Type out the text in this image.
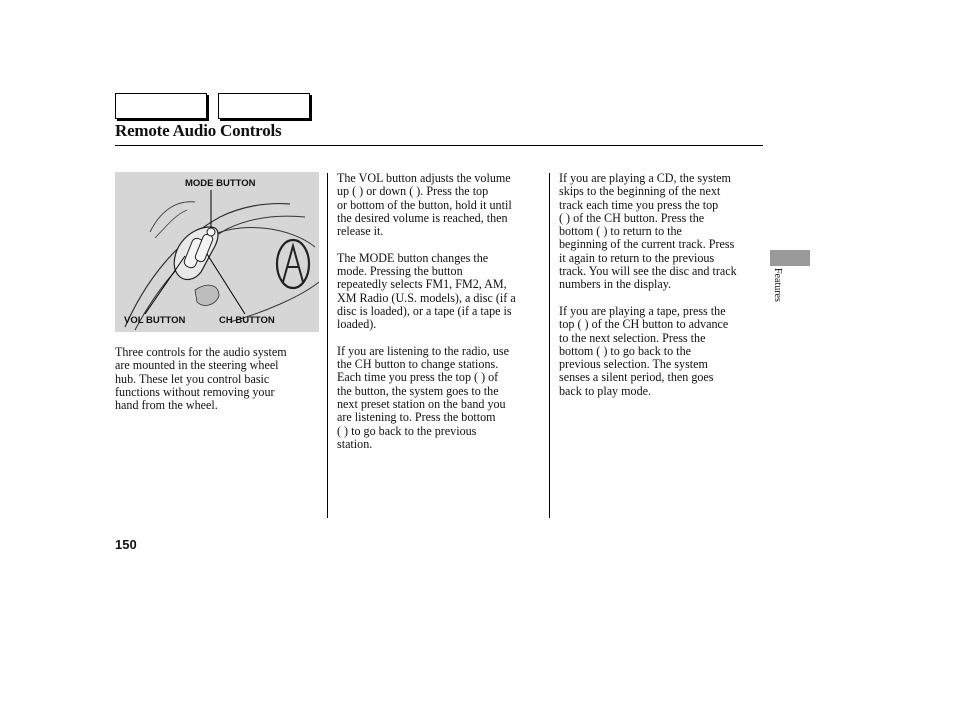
Remote Audio Controls
MODE BUTTON
VOL BUTTON	CH BUTTON

Three controls for the audio system
are mounted in the steering wheel
hub. These let you control basic
functions without removing your
hand from the wheel.

The VOL button adjusts the volume
up ( ) or down ( ). Press the top
or bottom of the button, hold it until
the desired volume is reached, then
release it.

The MODE button changes the
mode. Pressing the button
repeatedly selects FM1, FM2, AM,
XM Radio (U.S. models), a disc (if a
disc is loaded), or a tape (if a tape is
loaded).

If you are listening to the radio, use
the CH button to change stations.
Each time you press the top ( ) of
the button, the system goes to the
next preset station on the band you
are listening to. Press the bottom
( ) to go back to the previous
station.

If you are playing a CD, the system
skips to the beginning of the next
track each time you press the top
( ) of the CH button. Press the
bottom ( ) to return to the
beginning of the current track. Press
it again to return to the previous
track. You will see the disc and track
numbers in the display.

If you are playing a tape, press the
top ( ) of the CH button to advance
to the next selection. Press the
bottom ( ) to go back to the
previous selection. The system
senses a silent period, then goes
back to play mode.

Features
150
